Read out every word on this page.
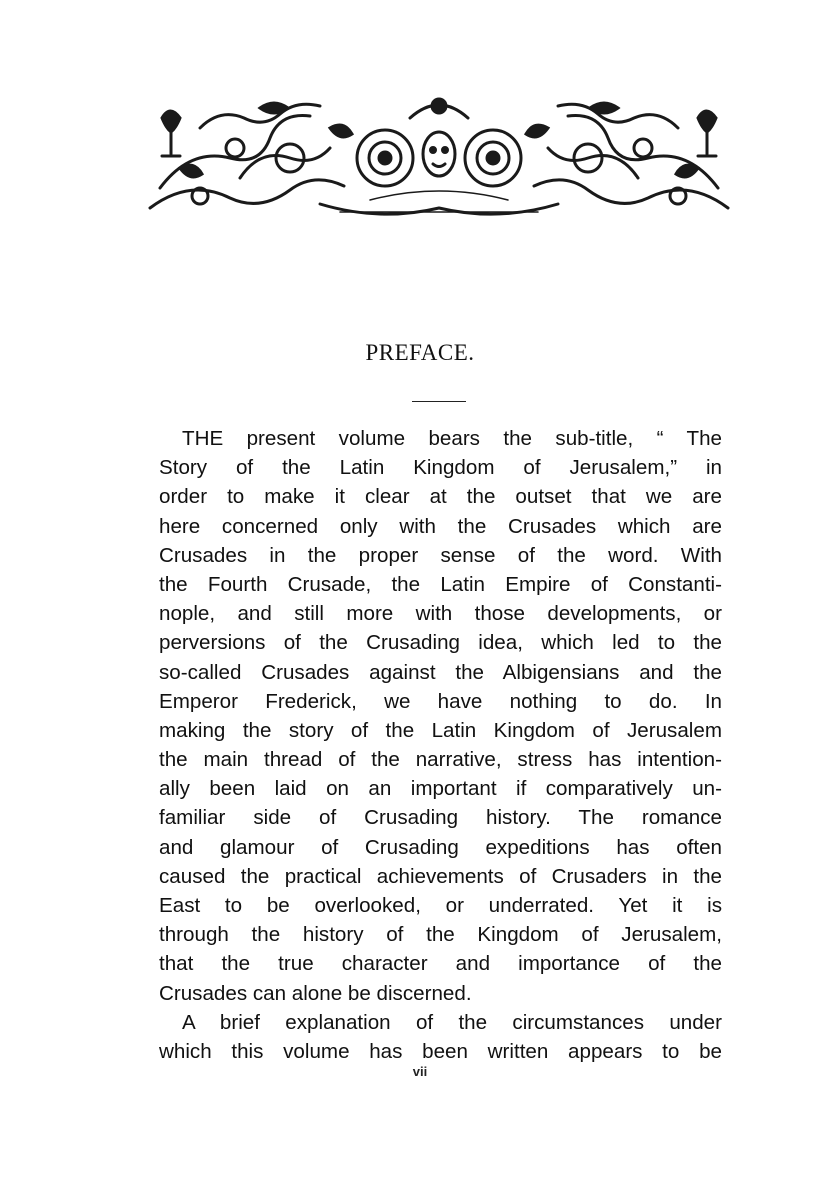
PREFACE.
THE present volume bears the sub-title, “ The
Story of the Latin Kingdom of Jerusalem,” in
order to make it clear at the outset that we are
here concerned only with the Crusades which are
Crusades in the proper sense of the word. With
the Fourth Crusade, the Latin Empire of Constanti-
nople, and still more with those developments, or
perversions of the Crusading idea, which led to the
so-called Crusades against the Albigensians and the
Emperor Frederick, we have nothing to do. In
making the story of the Latin Kingdom of Jerusalem
the main thread of the narrative, stress has intention-
ally been laid on an important if comparatively un-
familiar side of Crusading history. The romance
and glamour of Crusading expeditions has often
caused the practical achievements of Crusaders in the
East to be overlooked, or underrated. Yet it is
through the history of the Kingdom of Jerusalem,
that the true character and importance of the
Crusades can alone be discerned.
A brief explanation of the circumstances under
which this volume has been written appears to be
vii
